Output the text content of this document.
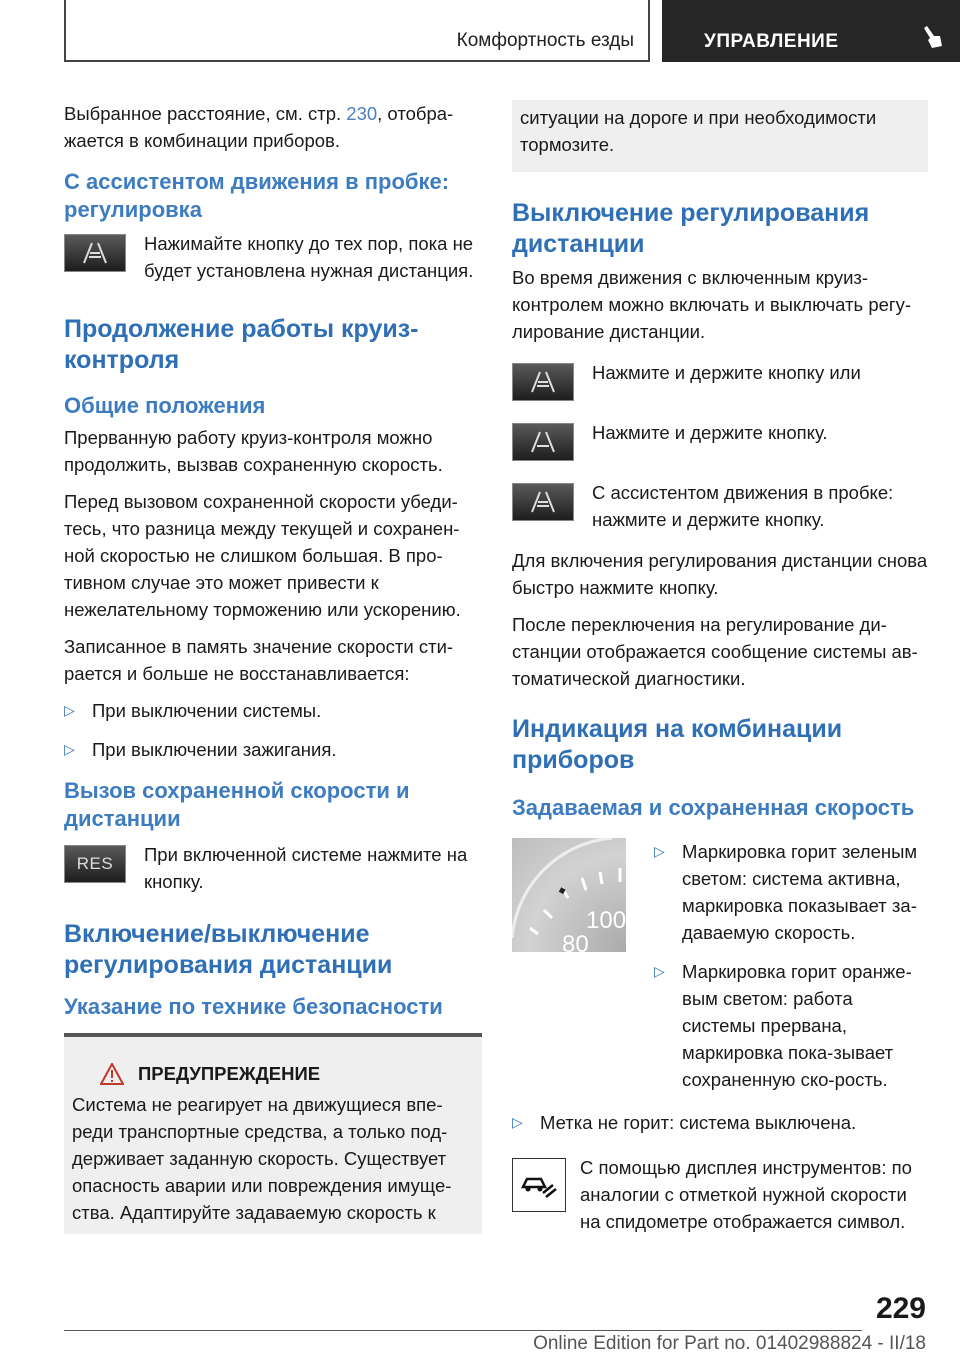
Комфортность езды	УПРАВЛЕНИЕ

Выбранное расстояние, см. стр. 230, отобра-жается в комбинации приборов.

С ассистентом движения в пробке: регулировка

Нажимайте кнопку до тех пор, пока не будет установлена нужная дистанция.

Продолжение работы круиз-контроля
Общие положения

Прерванную работу круиз-контроля можно продолжить, вызвав сохраненную скорость.

Перед вызовом сохраненной скорости убеди-тесь, что разница между текущей и сохранен-ной скоростью не слишком большая. В про-тивном случае это может привести к нежелательному торможению или ускорению.

Записанное в память значение скорости сти-рается и больше не восстанавливается:

▷ При выключении системы.
▷ При выключении зажигания.
Вызов сохраненной скорости и дистанции
RES При включенной системе нажмите на кнопку.

Включение/выключение регулирования дистанции
Указание по технике безопасности
ПРЕДУПРЕЖДЕНИЕ

Система не реагирует на движущиеся впе-реди транспортные средства, а только под-держивает заданную скорость. Существует опасность аварии или повреждения имуще-ства. Адаптируйте задаваемую скорость к

ситуации на дороге и при необходимости тормозите.

Выключение регулирования дистанции

Во время движения с включенным круиз-контролем можно включать и выключать регу-лирование дистанции.

Нажмите и держите кнопку или

Нажмите и держите кнопку.

С ассистентом движения в пробке: нажмите и держите кнопку.

Для включения регулирования дистанции снова быстро нажмите кнопку.

После переключения на регулирование ди-станции отображается сообщение системы ав-томатической диагностики.

Индикация на комбинации приборов
Задаваемая и сохраненная скорость
100
80
▷ Маркировка горит зеленым светом: система активна, маркировка показывает за-даваемую скорость.
▷ Маркировка горит оранже-вым светом: работа системы прервана, маркировка пока-зывает сохраненную ско-рость.
▷ Метка не горит: система выключена.

С помощью дисплея инструментов: по аналогии с отметкой нужной скорости на спидометре отображается символ.

229
Online Edition for Part no. 01402988824 - II/18
